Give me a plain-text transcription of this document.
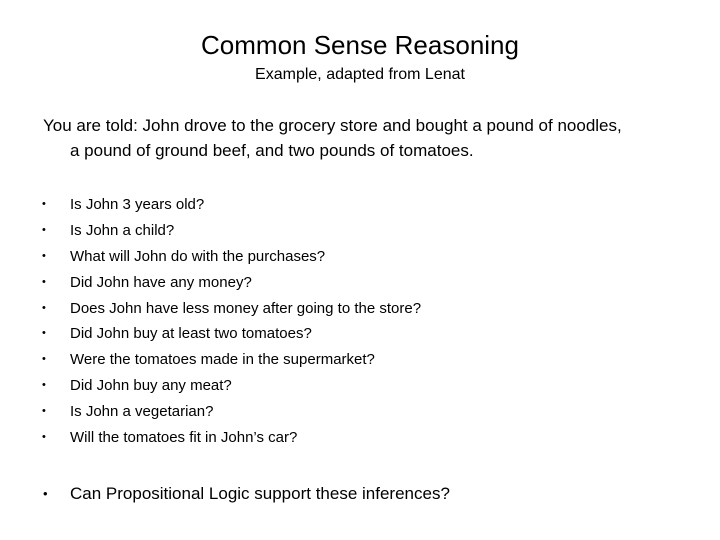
Common Sense Reasoning
Example, adapted from Lenat
You are told: John drove to the grocery store and bought a pound of noodles,
a pound of ground beef, and two pounds of tomatoes.
• Is John 3 years old?
• Is John a child?
• What will John do with the purchases?
• Did John have any money?
• Does John have less money after going to the store?
• Did John buy at least two tomatoes?
• Were the tomatoes made in the supermarket?
• Did John buy any meat?
• Is John a vegetarian?
• Will the tomatoes fit in John’s car?
• Can Propositional Logic support these inferences?
